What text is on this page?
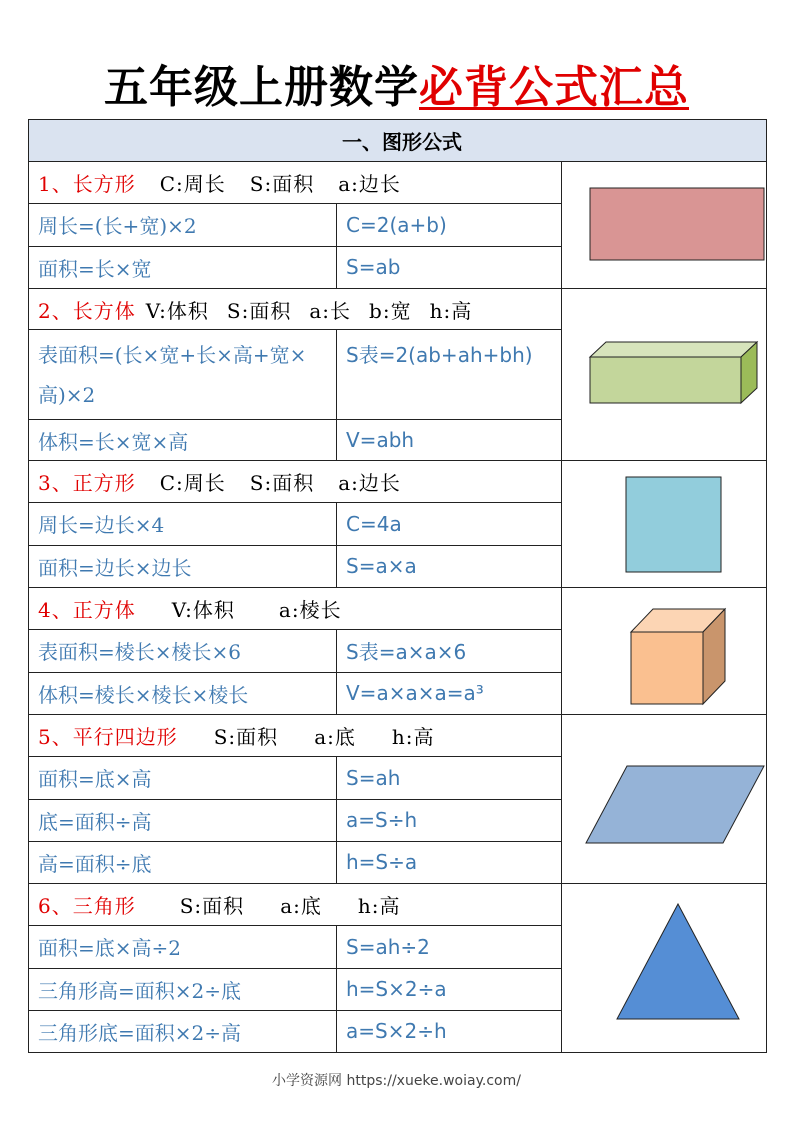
五年级上册数学必背公式汇总
一、图形公式		
1、长方形 C:周长 S:面积 a:边长	

周长=(长+宽)×2	C=2(a+b)	
面积=长×宽	S=ab	
2、长方体 V:体积 S:面积 a:长 b:宽 h:高	

表面积=(长×宽+长×高+宽×高)×2	S表=2(ab+ah+bh)	
体积=长×宽×高	V=abh	
3、正方形 C:周长 S:面积 a:边长	

周长=边长×4	C=4a	
面积=边长×边长	S=a×a	
4、正方体 V:体积 a:棱长	

表面积=棱长×棱长×6	S表=a×a×6	
体积=棱长×棱长×棱长	V=a×a×a=a³	
5、平行四边形 S:面积 a:底 h:高	

面积=底×高	S=ah	
底=面积÷高	a=S÷h	
高=面积÷底	h=S÷a	
6、三角形 S:面积 a:底 h:高	

面积=底×高÷2	S=ah÷2	
三角形高=面积×2÷底	h=S×2÷a	
三角形底=面积×2÷高	a=S×2÷h	
小学资源网 https://xueke.woiay.com/
